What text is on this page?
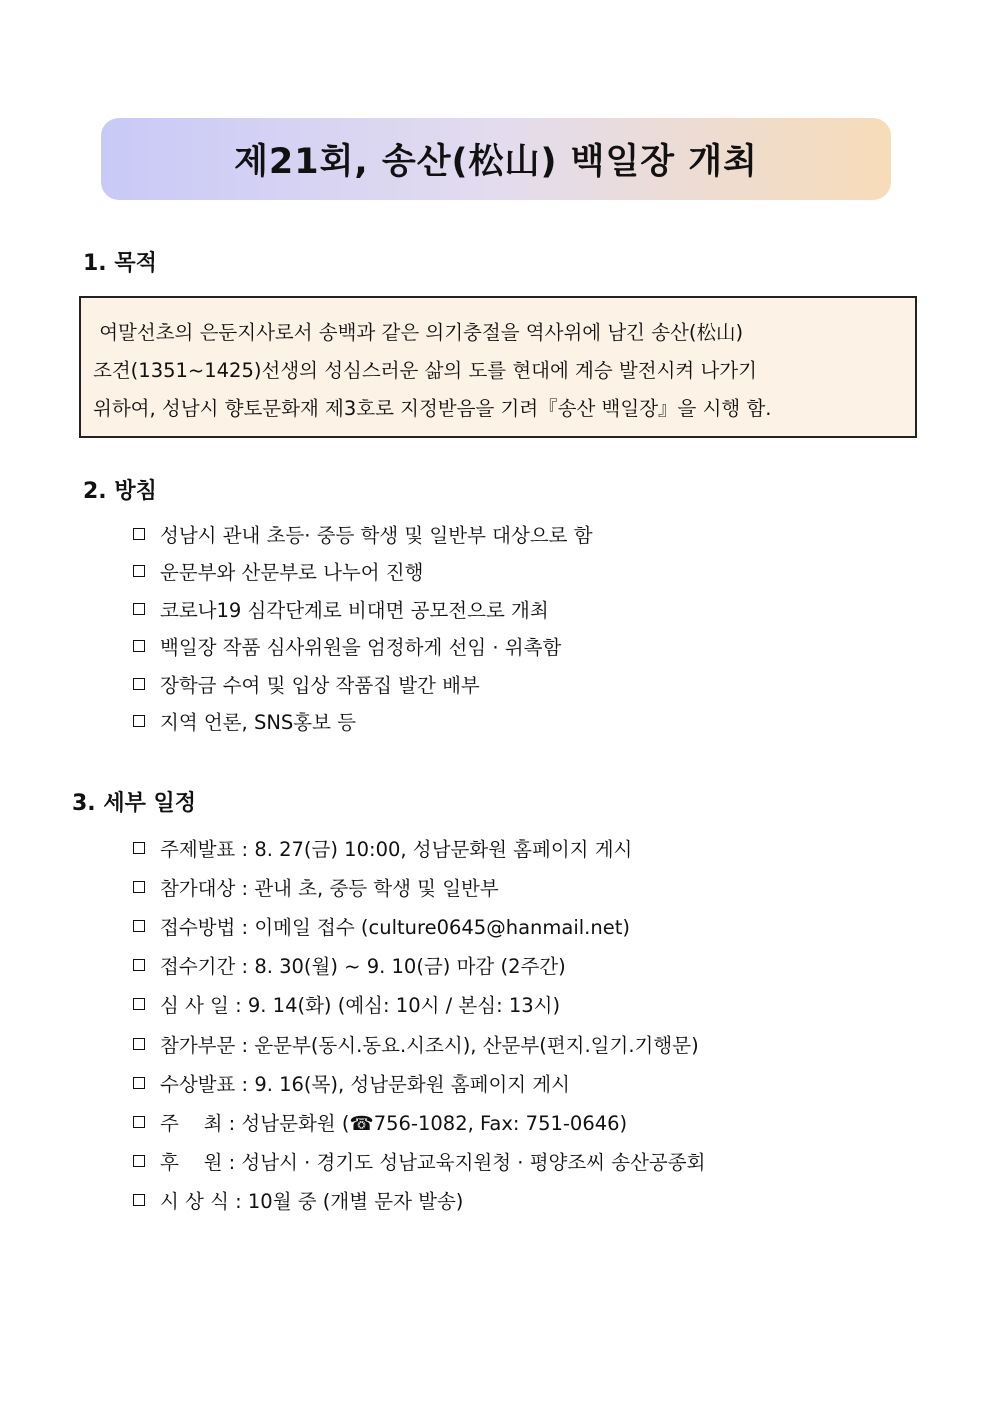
제21회, 송산(松山) 백일장 개최
1. 목적
여말선초의 은둔지사로서 송백과 같은 의기충절을 역사위에 남긴 송산(松山)
조견(1351~1425)선생의 성심스러운 삶의 도를 현대에 계승 발전시켜 나가기
위하여, 성남시 향토문화재 제3호로 지정받음을 기려『송산 백일장』을 시행 함.
2. 방침
성남시 관내 초등· 중등 학생 및 일반부 대상으로 함
운문부와 산문부로 나누어 진행
코로나19 심각단계로 비대면 공모전으로 개최
백일장 작품 심사위원을 엄정하게 선임 · 위촉함
장학금 수여 및 입상 작품집 발간 배부
지역 언론, SNS홍보 등
3. 세부 일정
주제발표 : 8. 27(금) 10:00, 성남문화원 홈페이지 게시
참가대상 : 관내 초, 중등 학생 및 일반부
접수방법 : 이메일 접수 (culture0645@hanmail.net)
접수기간 : 8. 30(월) ~ 9. 10(금) 마감 (2주간)
심 사 일 : 9. 14(화) (예심: 10시 / 본심: 13시)
참가부문 : 운문부(동시.동요.시조시), 산문부(편지.일기.기행문)
수상발표 : 9. 16(목), 성남문화원 홈페이지 게시
주    최 : 성남문화원 (☎756-1082, Fax: 751-0646)
후    원 : 성남시 · 경기도 성남교육지원청 · 평양조씨 송산공종회
시 상 식 : 10월 중 (개별 문자 발송)
